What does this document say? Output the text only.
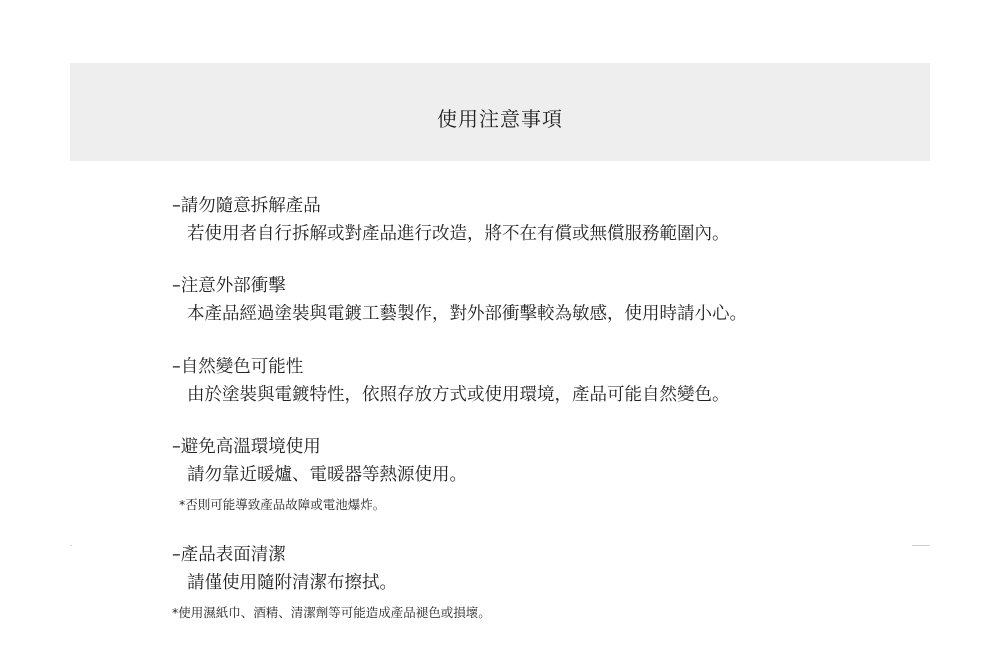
使用注意事項
–請勿隨意拆解產品
若使用者自行拆解或對產品進行改造，將不在有償或無償服務範圍內。
–注意外部衝擊
本產品經過塗裝與電鍍工藝製作，對外部衝擊較為敏感，使用時請小心。
–自然變色可能性
由於塗裝與電鍍特性，依照存放方式或使用環境，產品可能自然變色。
–避免高溫環境使用
請勿靠近暖爐、電暖器等熱源使用。
*否則可能導致產品故障或電池爆炸。
–產品表面清潔
請僅使用隨附清潔布擦拭。
*使用濕紙巾、酒精、清潔劑等可能造成產品褪色或損壞。
